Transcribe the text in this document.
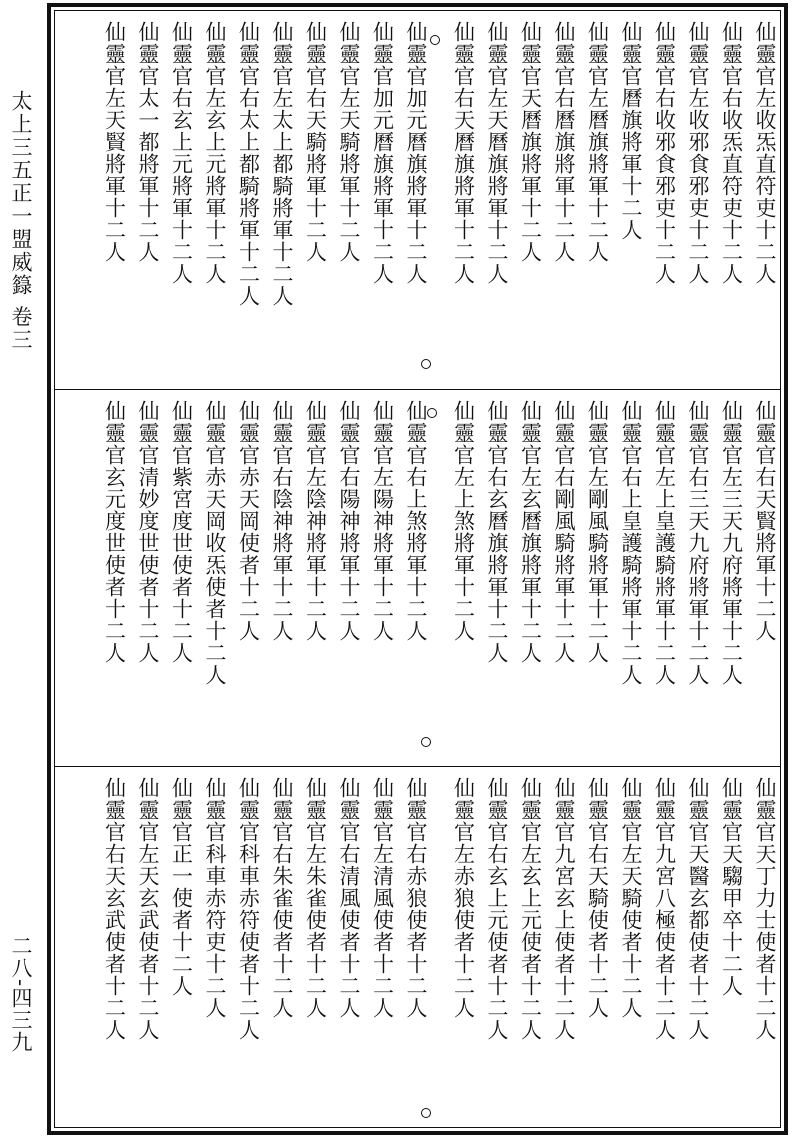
太上三五正一盟威籙 卷三
二八-四三九
仙靈官左收炁直符吏十二人
仙靈官右收炁直符吏十二人
仙靈官左收邪食邪吏十二人
仙靈官右收邪食邪吏十二人
仙靈官曆旗將軍十二人
仙靈官左曆旗將軍十二人
仙靈官右曆旗將軍十二人
仙靈官天曆旗將軍十二人
仙靈官左天曆旗將軍十二人
仙靈官右天曆旗將軍十二人
仙靈官加元曆旗將軍十二人
仙靈官加元曆旗將軍十二人
仙靈官左天騎將軍十二人
仙靈官右天騎將軍十二人
仙靈官左太上都騎將軍十二人
仙靈官右太上都騎將軍十二人
仙靈官左玄上元將軍十二人
仙靈官右玄上元將軍十二人
仙靈官太一都將軍十二人
仙靈官左天賢將軍十二人
仙靈官右天賢將軍十二人
仙靈官左三天九府將軍十二人
仙靈官右三天九府將軍十二人
仙靈官左上皇護騎將軍十二人
仙靈官右上皇護騎將軍十二人
仙靈官左剛風騎將軍十二人
仙靈官右剛風騎將軍十二人
仙靈官左玄曆旗將軍十二人
仙靈官右玄曆旗將軍十二人
仙靈官左上煞將軍十二人
仙靈官右上煞將軍十二人
仙靈官左陽神將軍十二人
仙靈官右陽神將軍十二人
仙靈官左陰神將軍十二人
仙靈官右陰神將軍十二人
仙靈官赤天岡使者十二人
仙靈官赤天岡收炁使者十二人
仙靈官紫宮度世使者十二人
仙靈官清妙度世使者十二人
仙靈官玄元度世使者十二人
仙靈官天丁力士使者十二人
仙靈官天騶甲卒十二人
仙靈官天醫玄都使者十二人
仙靈官九宮八極使者十二人
仙靈官左天騎使者十二人
仙靈官右天騎使者十二人
仙靈官九宮玄上使者十二人
仙靈官左玄上元使者十二人
仙靈官右玄上元使者十二人
仙靈官左赤狼使者十二人
仙靈官右赤狼使者十二人
仙靈官左清風使者十二人
仙靈官右清風使者十二人
仙靈官左朱雀使者十二人
仙靈官右朱雀使者十二人
仙靈官科車赤符使者十二人
仙靈官科車赤符吏十二人
仙靈官正一使者十二人
仙靈官左天玄武使者十二人
仙靈官右天玄武使者十二人
